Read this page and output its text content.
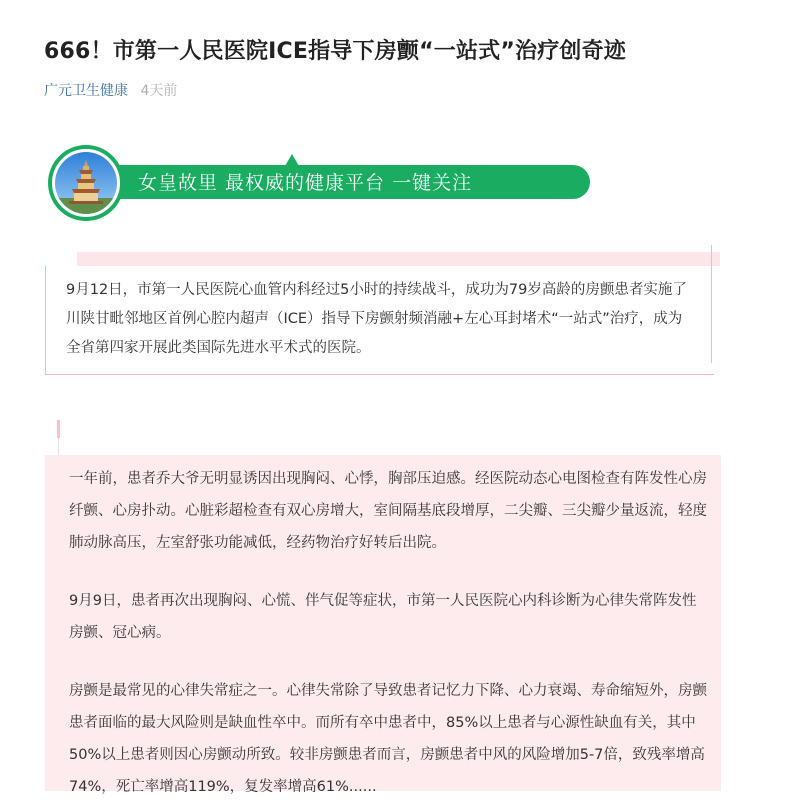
666！市第一人民医院ICE指导下房颤“一站式”治疗创奇迹
广元卫生健康 4天前
女皇故里 最权威的健康平台 一键关注

9月12日，市第一人民医院心血管内科经过5小时的持续战斗，成功为79岁高龄的房颤患者实施了川陕甘毗邻地区首例心腔内超声（ICE）指导下房颤射频消融+左心耳封堵术“一站式”治疗，成为全省第四家开展此类国际先进水平术式的医院。

一年前，患者乔大爷无明显诱因出现胸闷、心悸，胸部压迫感。经医院动态心电图检查有阵发性心房纤颤、心房扑动。心脏彩超检查有双心房增大，室间隔基底段增厚，二尖瓣、三尖瓣少量返流，轻度肺动脉高压，左室舒张功能减低，经药物治疗好转后出院。

9月9日，患者再次出现胸闷、心慌、伴气促等症状，市第一人民医院心内科诊断为心律失常阵发性房颤、冠心病。

房颤是最常见的心律失常症之一。心律失常除了导致患者记忆力下降、心力衰竭、寿命缩短外，房颤患者面临的最大风险则是缺血性卒中。而所有卒中患者中，85%以上患者与心源性缺血有关，其中50%以上患者则因心房颤动所致。较非房颤患者而言，房颤患者中风的风险增加5-7倍，致残率增高74%，死亡率增高119%，复发率增高61%......
